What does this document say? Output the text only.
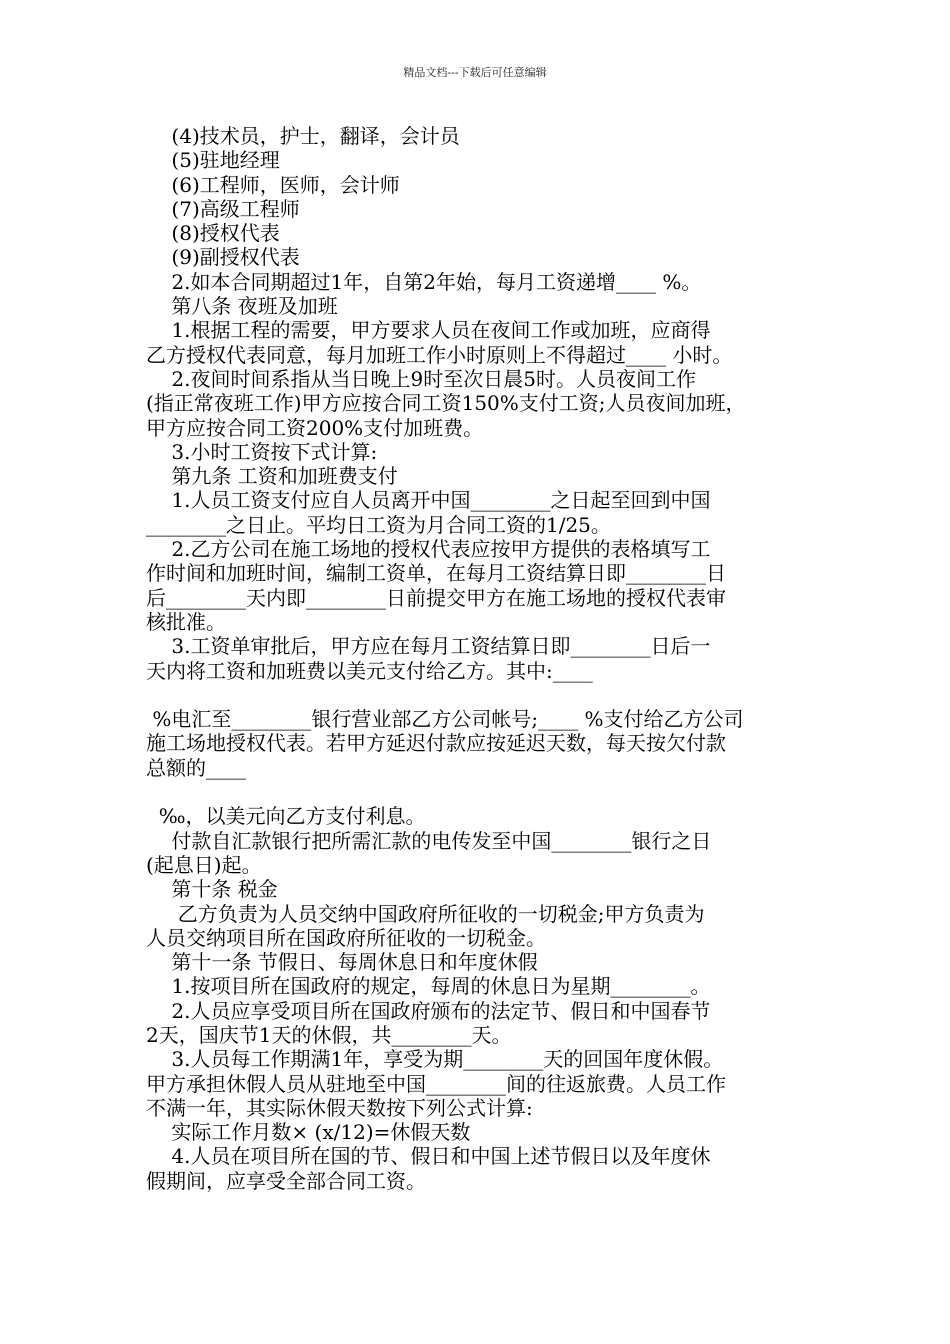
精品文档---下载后可任意编辑
(4)技术员，护士，翻译，会计员
(5)驻地经理
(6)工程师，医师，会计师
(7)高级工程师
(8)授权代表
(9)副授权代表
2.如本合同期超过1年，自第2年始，每月工资递增____ %。
第八条 夜班及加班
1.根据工程的需要，甲方要求人员在夜间工作或加班，应商得
乙方授权代表同意，每月加班工作小时原则上不得超过____ 小时。
2.夜间时间系指从当日晚上9时至次日晨5时。人员夜间工作
(指正常夜班工作)甲方应按合同工资150%支付工资;人员夜间加班，
甲方应按合同工资200%支付加班费。
3.小时工资按下式计算:
第九条 工资和加班费支付
1.人员工资支付应自人员离开中国________之日起至回到中国
________之日止。平均日工资为月合同工资的1/25。
2.乙方公司在施工场地的授权代表应按甲方提供的表格填写工
作时间和加班时间，编制工资单，在每月工资结算日即________日
后________天内即________日前提交甲方在施工场地的授权代表审
核批准。
3.工资单审批后，甲方应在每月工资结算日即________日后一
天内将工资和加班费以美元支付给乙方。其中:____
%电汇至________银行营业部乙方公司帐号;____ %支付给乙方公司
施工场地授权代表。若甲方延迟付款应按延迟天数，每天按欠付款
总额的____
‰，以美元向乙方支付利息。
付款自汇款银行把所需汇款的电传发至中国________银行之日
(起息日)起。
第十条 税金
乙方负责为人员交纳中国政府所征收的一切税金;甲方负责为
人员交纳项目所在国政府所征收的一切税金。
第十一条 节假日、每周休息日和年度休假
1.按项目所在国政府的规定，每周的休息日为星期________。
2.人员应享受项目所在国政府颁布的法定节、假日和中国春节
2天，国庆节1天的休假，共________天。
3.人员每工作期满1年，享受为期________天的回国年度休假。
甲方承担休假人员从驻地至中国________间的往返旅费。人员工作
不满一年，其实际休假天数按下列公式计算:
实际工作月数× (x/12)=休假天数
4.人员在项目所在国的节、假日和中国上述节假日以及年度休
假期间，应享受全部合同工资。
